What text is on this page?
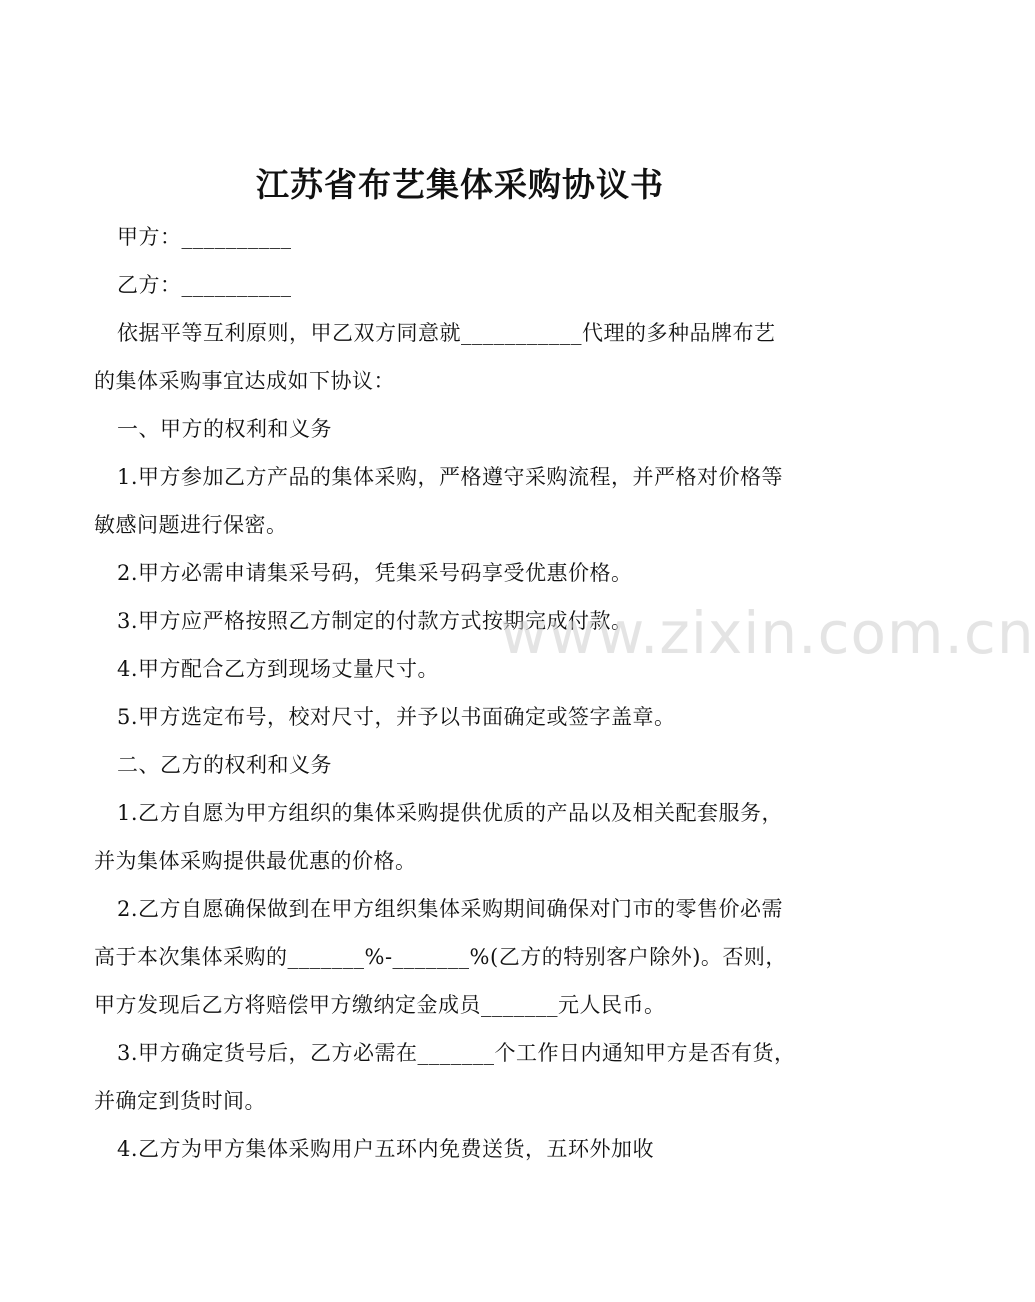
江苏省布艺集体采购协议书
甲方：__________
乙方：__________
依据平等互利原则，甲乙双方同意就___________代理的多种品牌布艺
的集体采购事宜达成如下协议：
一、甲方的权利和义务
1.甲方参加乙方产品的集体采购，严格遵守采购流程，并严格对价格等
敏感问题进行保密。
2.甲方必需申请集采号码，凭集采号码享受优惠价格。
3.甲方应严格按照乙方制定的付款方式按期完成付款。
4.甲方配合乙方到现场丈量尺寸。
5.甲方选定布号，校对尺寸，并予以书面确定或签字盖章。
二、乙方的权利和义务
1.乙方自愿为甲方组织的集体采购提供优质的产品以及相关配套服务，
并为集体采购提供最优惠的价格。
2.乙方自愿确保做到在甲方组织集体采购期间确保对门市的零售价必需
高于本次集体采购的_______%-_______%(乙方的特别客户除外)。否则，
甲方发现后乙方将赔偿甲方缴纳定金成员_______元人民币。
3.甲方确定货号后，乙方必需在_______个工作日内通知甲方是否有货，
并确定到货时间。
4.乙方为甲方集体采购用户五环内免费送货，五环外加收
www.zixin.com.cn
